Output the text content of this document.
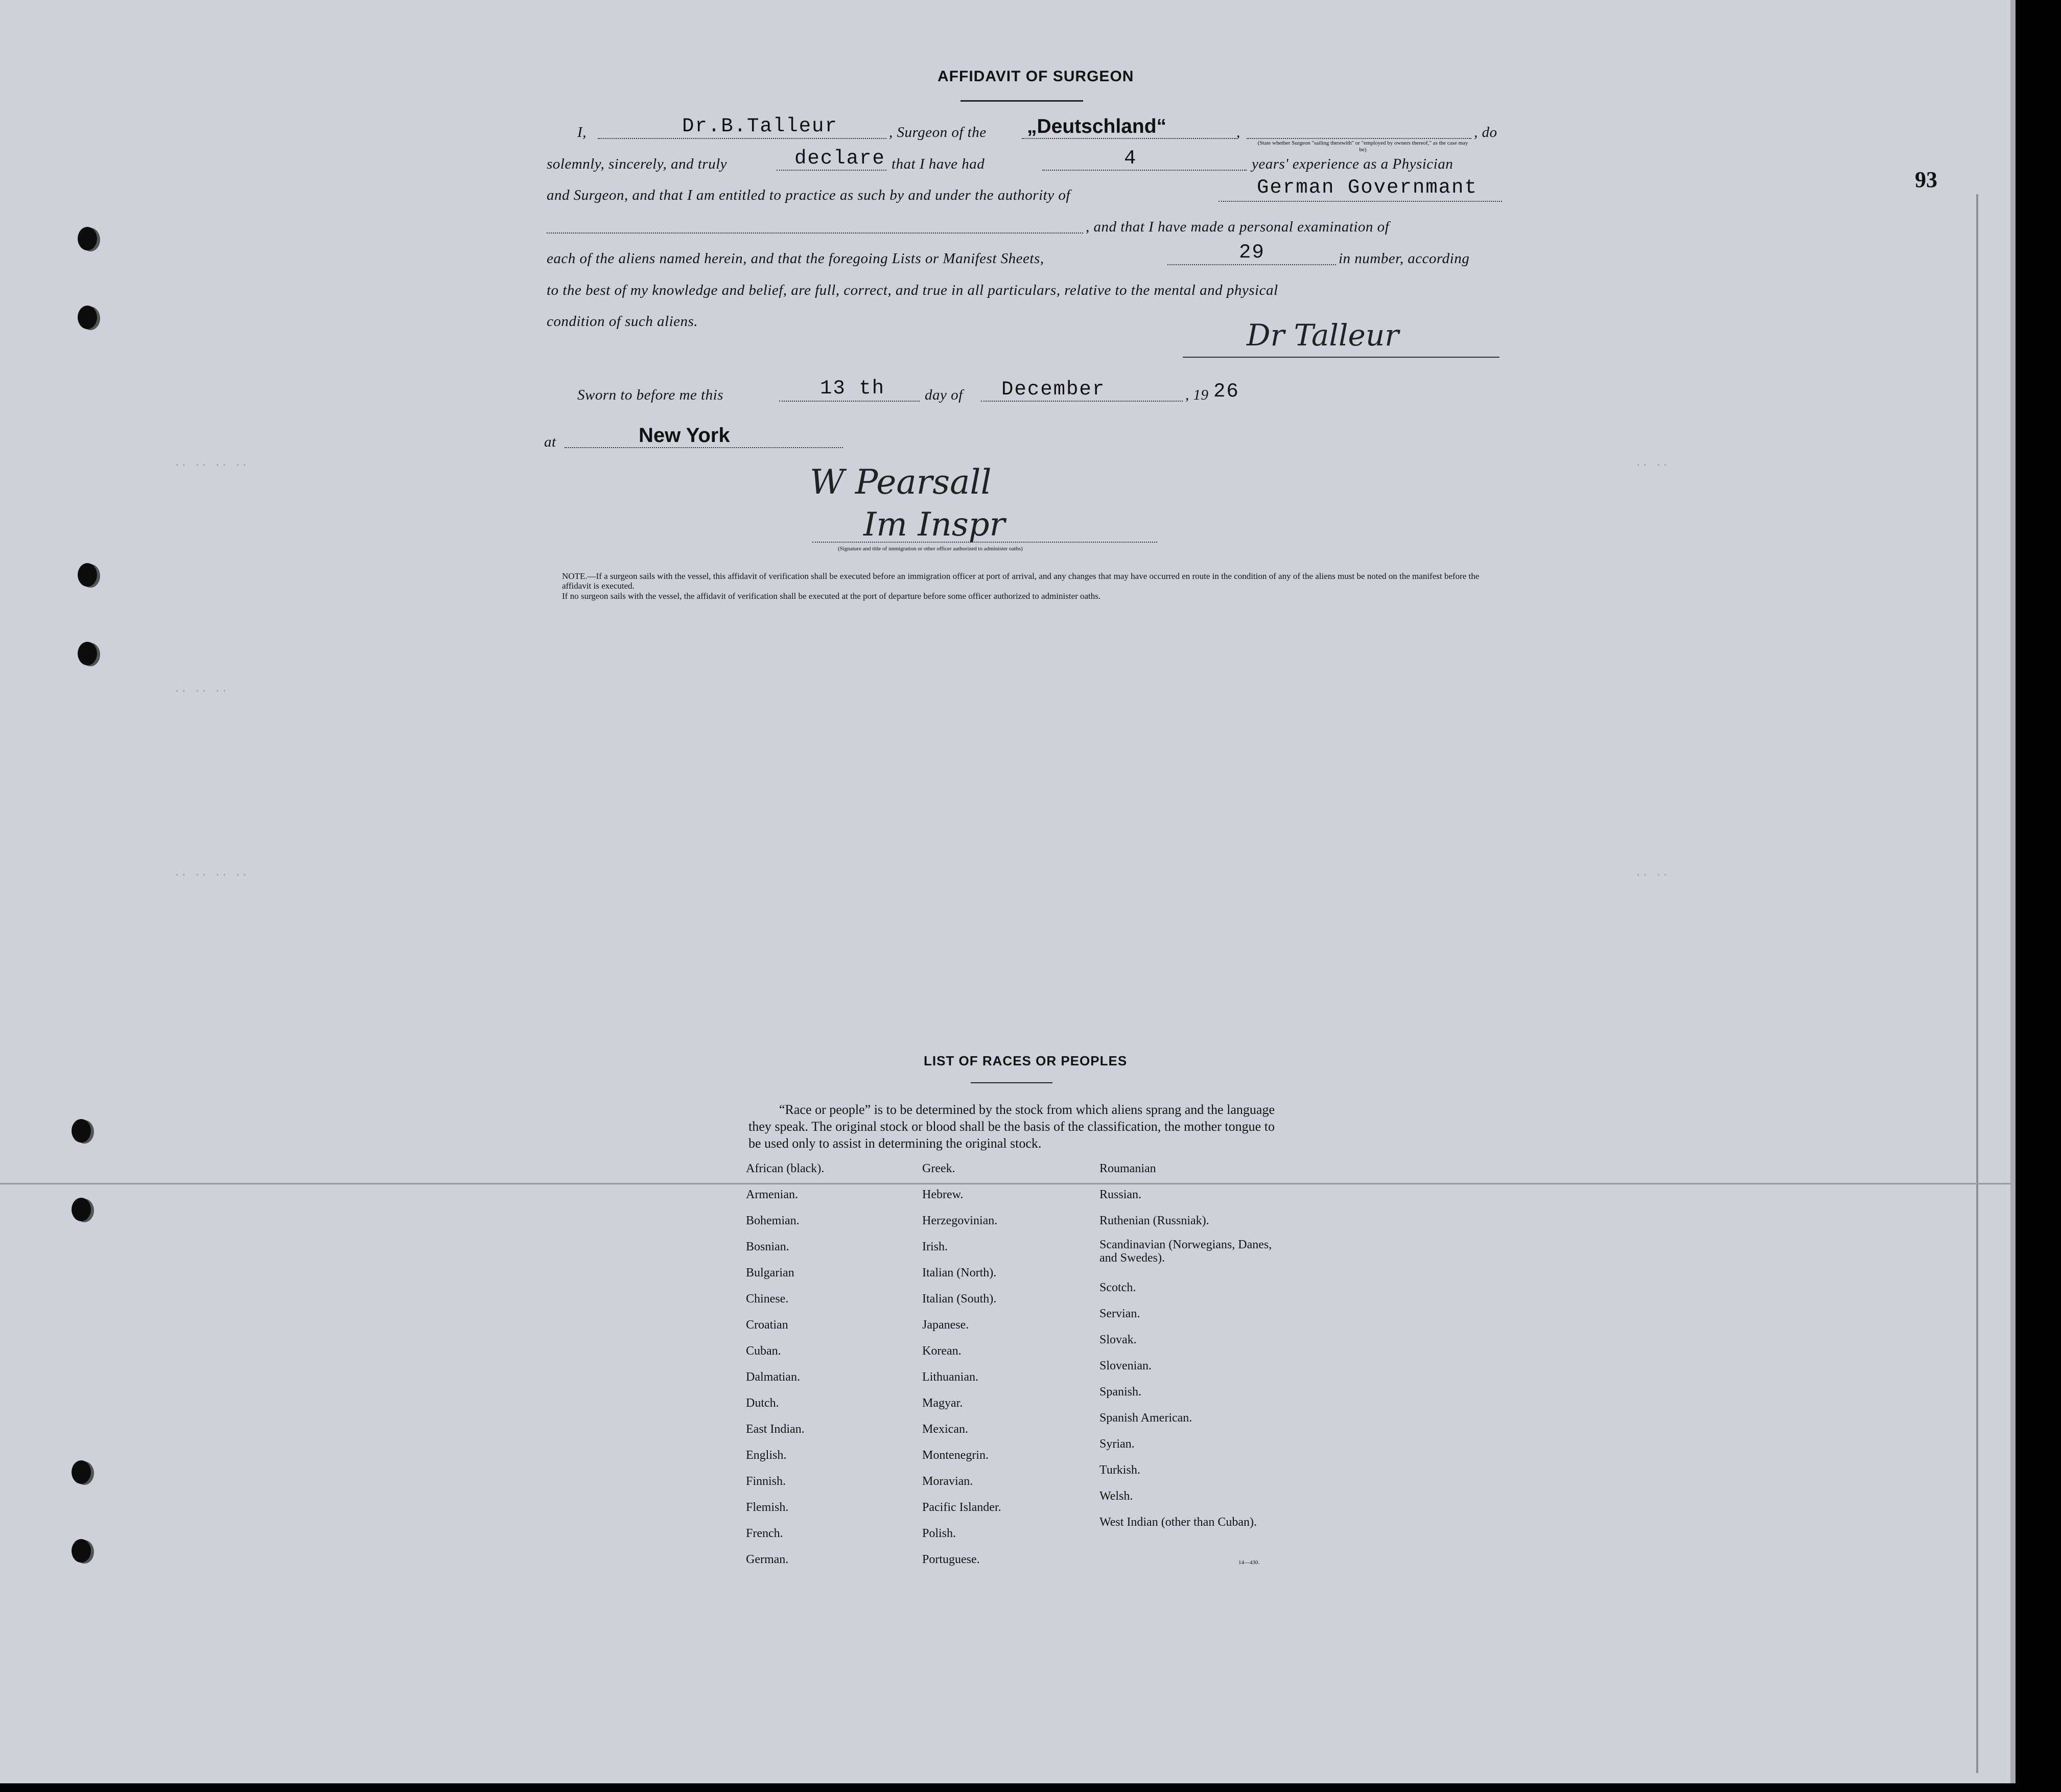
93
·· ·· ·· ··
·· ·· ··
·· ·· ·· ··
·· ··
·· ··
AFFIDAVIT OF SURGEON
I,	Dr.B.Talleur	, Surgeon of the „Deutschland“	,
(State whether Surgeon "sailing therewith" or "employed by owners thereof," as the case may be)
, do
solemnly, sincerely, and truly	declare that I have had	4	years' experience as a Physician
and Surgeon, and that I am entitled to practice as such by and under the authority of	German Governmant
, and that I have made a personal examination of
each of the aliens named herein, and that the foregoing Lists or Manifest Sheets,	29	in number, according
to the best of my knowledge and belief, are full, correct, and true in all particulars, relative to the mental and physical
condition of such aliens.	Dr Talleur
Sworn to before me this	13 th	day of December	, 19 26
at	New York
W Pearsall
Im Inspr
(Signature and title of immigration or other officer authorized to administer oaths)
NOTE.—If a surgeon sails with the vessel, this affidavit of verification shall be executed before an immigration officer at port of arrival, and any changes that may have occurred en route in the condition of any of the aliens must be noted on the manifest before the affidavit is executed.
If no surgeon sails with the vessel, the affidavit of verification shall be executed at the port of departure before some officer authorized to administer oaths.
LIST OF RACES OR PEOPLES
“Race or people” is to be determined by the stock from which aliens sprang and the language they speak. The original stock or blood shall be the basis of the classification, the mother tongue to be used only to assist in determining the original stock.
African (black).
Armenian.
Bohemian.
Bosnian.
Bulgarian
Chinese.
Croatian
Cuban.
Dalmatian.
Dutch.
East Indian.
English.
Finnish.
Flemish.
French.
German.
Greek.
Hebrew.
Herzegovinian.
Irish.
Italian (North).
Italian (South).
Japanese.
Korean.
Lithuanian.
Magyar.
Mexican.
Montenegrin.
Moravian.
Pacific Islander.
Polish.
Portuguese.
Roumanian
Russian.
Ruthenian (Russniak).
Scandinavian (Norwegians, Danes, and Swedes).
Scotch.
Servian.
Slovak.
Slovenian.
Spanish.
Spanish American.
Syrian.
Turkish.
Welsh.
West Indian (other than Cuban).
14—430.
